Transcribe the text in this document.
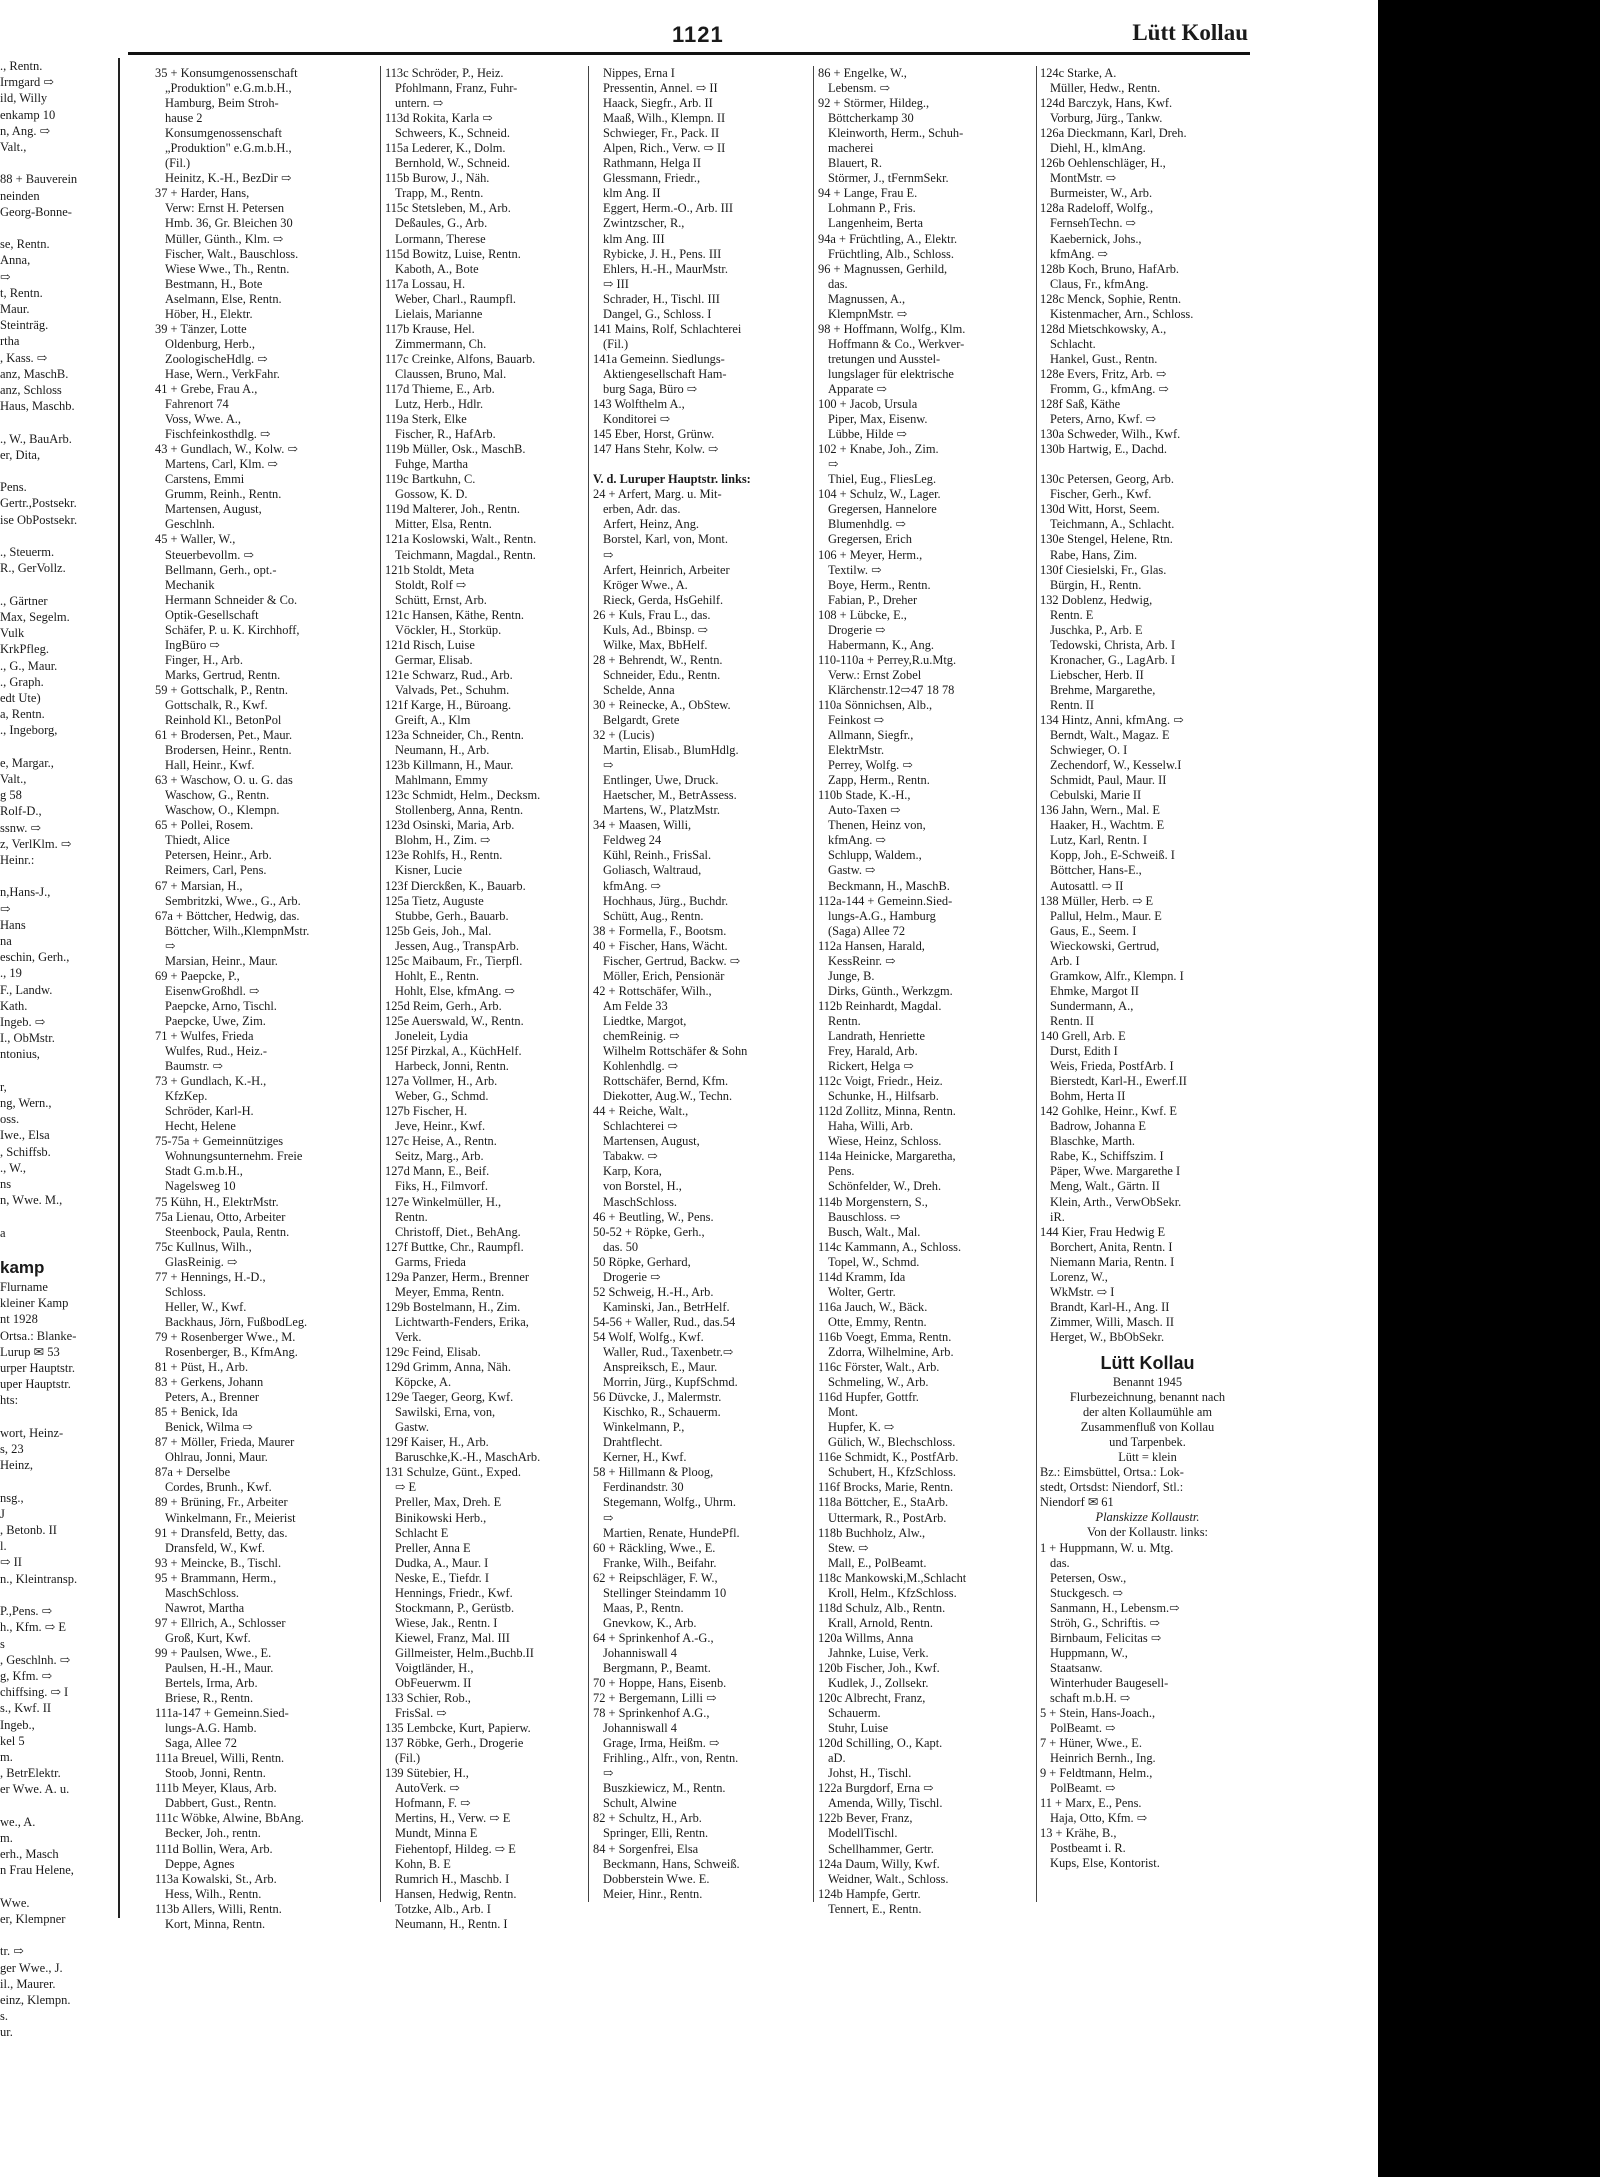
., Rentn.
Irmgard ⇨
ild, Willy
enkamp 10
n, Ang. ⇨
Valt.,

88 + Bauverein
neinden
Georg-Bonne-

se, Rentn.
Anna,
⇨
t, Rentn.
Maur.
Steinträg.
rtha
, Kass. ⇨
anz, MaschB.
anz, Schloss
Haus, Maschb.

., W., BauArb.
er, Dita,

Pens.
Gertr.,Postsekr.
ise ObPostsekr.

., Steuerm.
R., GerVollz.

., Gärtner
Max, Segelm.
Vulk
KrkPfleg.
., G., Maur.
., Graph.
edt Ute)
a, Rentn.
., Ingeborg,

e, Margar.,
Valt.,
g 58
Rolf-D.,
ssnw. ⇨
z, VerlKlm. ⇨
Heinr.:

n,Hans-J.,
⇨
Hans
na
eschin, Gerh.,
., 19
F., Landw.
Kath.
Ingeb. ⇨
I., ObMstr.
ntonius,

r,
ng, Wern.,
oss.
Iwe., Elsa
, Schiffsb.
., W.,
ns
n, Wwe. M.,

a

kamp
Flurname
kleiner Kamp
nt 1928
Ortsa.: Blanke-
Lurup ✉ 53
urper Hauptstr.
uper Hauptstr.
hts:

wort, Heinz-
s, 23
Heinz,

nsg.,
J
, Betonb. II
l.
⇨ II
n., Kleintransp.

P.,Pens. ⇨
h., Kfm. ⇨ E
s
, Geschlnh. ⇨
g, Kfm. ⇨
chiffsing. ⇨ I
s., Kwf. II
Ingeb.,
kel 5
m.
, BetrElektr.
er Wwe. A. u.

we., A.
m.
erh., Masch
n Frau Helene,

Wwe.
er, Klempner

tr. ⇨
ger Wwe., J.
il., Maurer.
einz, Klempn.
s.
ur.
1121	Lütt Kollau
35 + Konsumgenossenschaft
„Produktion" e.G.m.b.H.,
Hamburg, Beim Stroh-
hause 2
Konsumgenossenschaft
„Produktion" e.G.m.b.H.,
(Fil.)
Heinitz, K.-H., BezDir ⇨
37 + Harder, Hans,
Verw: Ernst H. Petersen
Hmb. 36, Gr. Bleichen 30
Müller, Günth., Klm. ⇨
Fischer, Walt., Bauschloss.
Wiese Wwe., Th., Rentn.
Bestmann, H., Bote
Aselmann, Else, Rentn.
Höber, H., Elektr.
39 + Tänzer, Lotte
Oldenburg, Herb.,
ZoologischeHdlg. ⇨
Hase, Wern., VerkFahr.
41 + Grebe, Frau A.,
Fahrenort 74
Voss, Wwe. A.,
Fischfeinkosthdlg. ⇨
43 + Gundlach, W., Kolw. ⇨
Martens, Carl, Klm. ⇨
Carstens, Emmi
Grumm, Reinh., Rentn.
Martensen, August,
Geschlnh.
45 + Waller, W.,
Steuerbevollm. ⇨
Bellmann, Gerh., opt.-
Mechanik
Hermann Schneider & Co.
Optik-Gesellschaft
Schäfer, P. u. K. Kirchhoff,
IngBüro ⇨
Finger, H., Arb.
Marks, Gertrud, Rentn.
59 + Gottschalk, P., Rentn.
Gottschalk, R., Kwf.
Reinhold Kl., BetonPol
61 + Brodersen, Pet., Maur.
Brodersen, Heinr., Rentn.
Hall, Heinr., Kwf.
63 + Waschow, O. u. G. das
Waschow, G., Rentn.
Waschow, O., Klempn.
65 + Pollei, Rosem.
Thiedt, Alice
Petersen, Heinr., Arb.
Reimers, Carl, Pens.
67 + Marsian, H.,
Sembritzki, Wwe., G., Arb.
67a + Böttcher, Hedwig, das.
Böttcher, Wilh.,KlempnMstr.
⇨
Marsian, Heinr., Maur.
69 + Paepcke, P.,
EisenwGroßhdl. ⇨
Paepcke, Arno, Tischl.
Paepcke, Uwe, Zim.
71 + Wulfes, Frieda
Wulfes, Rud., Heiz.-
Baumstr. ⇨
73 + Gundlach, K.-H.,
KfzKep.
Schröder, Karl-H.
Hecht, Helene
75-75a + Gemeinnütziges
Wohnungsunternehm. Freie
Stadt G.m.b.H.,
Nagelsweg 10
75 Kühn, H., ElektrMstr.
75a Lienau, Otto, Arbeiter
Steenbock, Paula, Rentn.
75c Kullnus, Wilh.,
GlasReinig. ⇨
77 + Hennings, H.-D.,
Schloss.
Heller, W., Kwf.
Backhaus, Jörn, FußbodLeg.
79 + Rosenberger Wwe., M.
Rosenberger, B., KfmAng.
81 + Püst, H., Arb.
83 + Gerkens, Johann
Peters, A., Brenner
85 + Benick, Ida
Benick, Wilma ⇨
87 + Möller, Frieda, Maurer
Ohlrau, Jonni, Maur.
87a + Derselbe
Cordes, Brunh., Kwf.
89 + Brüning, Fr., Arbeiter
Winkelmann, Fr., Meierist
91 + Dransfeld, Betty, das.
Dransfeld, W., Kwf.
93 + Meincke, B., Tischl.
95 + Brammann, Herm.,
MaschSchloss.
Nawrot, Martha
97 + Ellrich, A., Schlosser
Groß, Kurt, Kwf.
99 + Paulsen, Wwe., E.
Paulsen, H.-H., Maur.
Bertels, Irma, Arb.
Briese, R., Rentn.
111a-147 + Gemeinn.Sied-
lungs-A.G. Hamb.
Saga, Allee 72
111a Breuel, Willi, Rentn.
Stoob, Jonni, Rentn.
111b Meyer, Klaus, Arb.
Dabbert, Gust., Rentn.
111c Wöbke, Alwine, BbAng.
Becker, Joh., rentn.
111d Bollin, Wera, Arb.
Deppe, Agnes
113a Kowalski, St., Arb.
Hess, Wilh., Rentn.
113b Allers, Willi, Rentn.
Kort, Minna, Rentn.
113c Schröder, P., Heiz.
Pfohlmann, Franz, Fuhr-
untern. ⇨
113d Rokita, Karla ⇨
Schweers, K., Schneid.
115a Lederer, K., Dolm.
Bernhold, W., Schneid.
115b Burow, J., Näh.
Trapp, M., Rentn.
115c Stetsleben, M., Arb.
Deßaules, G., Arb.
Lormann, Therese
115d Bowitz, Luise, Rentn.
Kaboth, A., Bote
117a Lossau, H.
Weber, Charl., Raumpfl.
Lielais, Marianne
117b Krause, Hel.
Zimmermann, Ch.
117c Creinke, Alfons, Bauarb.
Claussen, Bruno, Mal.
117d Thieme, E., Arb.
Lutz, Herb., Hdlr.
119a Sterk, Elke
Fischer, R., HafArb.
119b Müller, Osk., MaschB.
Fuhge, Martha
119c Bartkuhn, C.
Gossow, K. D.
119d Malterer, Joh., Rentn.
Mitter, Elsa, Rentn.
121a Koslowski, Walt., Rentn.
Teichmann, Magdal., Rentn.
121b Stoldt, Meta
Stoldt, Rolf ⇨
Schütt, Ernst, Arb.
121c Hansen, Käthe, Rentn.
Vöckler, H., Storküp.
121d Risch, Luise
Germar, Elisab.
121e Schwarz, Rud., Arb.
Valvads, Pet., Schuhm.
121f Karge, H., Büroang.
Greift, A., Klm
123a Schneider, Ch., Rentn.
Neumann, H., Arb.
123b Killmann, H., Maur.
Mahlmann, Emmy
123c Schmidt, Helm., Decksm.
Stollenberg, Anna, Rentn.
123d Osinski, Maria, Arb.
Blohm, H., Zim. ⇨
123e Rohlfs, H., Rentn.
Kisner, Lucie
123f Dierckßen, K., Bauarb.
125a Tietz, Auguste
Stubbe, Gerh., Bauarb.
125b Geis, Joh., Mal.
Jessen, Aug., TranspArb.
125c Maibaum, Fr., Tierpfl.
Hohlt, E., Rentn.
Hohlt, Else, kfmAng. ⇨
125d Reim, Gerh., Arb.
125e Auerswald, W., Rentn.
Joneleit, Lydia
125f Pirzkal, A., KüchHelf.
Harbeck, Jonni, Rentn.
127a Vollmer, H., Arb.
Weber, G., Schmd.
127b Fischer, H.
Jeve, Heinr., Kwf.
127c Heise, A., Rentn.
Seitz, Marg., Arb.
127d Mann, E., Beif.
Fiks, H., Filmvorf.
127e Winkelmüller, H.,
Rentn.
Christoff, Diet., BehAng.
127f Buttke, Chr., Raumpfl.
Garms, Frieda
129a Panzer, Herm., Brenner
Meyer, Emma, Rentn.
129b Bostelmann, H., Zim.
Lichtwarth-Fenders, Erika,
Verk.
129c Feind, Elisab.
129d Grimm, Anna, Näh.
Köpcke, A.
129e Taeger, Georg, Kwf.
Sawilski, Erna, von,
Gastw.
129f Kaiser, H., Arb.
Baruschke,K.-H., MaschArb.
131 Schulze, Günt., Exped.
⇨ E
Preller, Max, Dreh. E
Binikowski Herb.,
Schlacht E
Preller, Anna E
Dudka, A., Maur. I
Neske, E., Tiefdr. I
Hennings, Friedr., Kwf.
Stockmann, P., Gerüstb.
Wiese, Jak., Rentn. I
Kiewel, Franz, Mal. III
Gillmeister, Helm.,Buchb.II
Voigtländer, H.,
ObFeuerwm. II
133 Schier, Rob.,
FrisSal. ⇨
135 Lembcke, Kurt, Papierw.
137 Röbke, Gerh., Drogerie
(Fil.)
139 Sütebier, H.,
AutoVerk. ⇨
Hofmann, F. ⇨
Mertins, H., Verw. ⇨ E
Mundt, Minna E
Fiehentopf, Hildeg. ⇨ E
Kohn, B. E
Rumrich H., Maschb. I
Hansen, Hedwig, Rentn.
Totzke, Alb., Arb. I
Neumann, H., Rentn. I
Nippes, Erna I
Pressentin, Annel. ⇨ II
Haack, Siegfr., Arb. II
Maaß, Wilh., Klempn. II
Schwieger, Fr., Pack. II
Alpen, Rich., Verw. ⇨ II
Rathmann, Helga II
Glessmann, Friedr.,
klm Ang. II
Eggert, Herm.-O., Arb. III
Zwintzscher, R.,
klm Ang. III
Rybicke, J. H., Pens. III
Ehlers, H.-H., MaurMstr.
⇨ III
Schrader, H., Tischl. III
Dangel, G., Schloss. I
141 Mains, Rolf, Schlachterei
(Fil.)
141a Gemeinn. Siedlungs-
Aktiengesellschaft Ham-
burg Saga, Büro ⇨
143 Wolfthelm A.,
Konditorei ⇨
145 Eber, Horst, Grünw.
147 Hans Stehr, Kolw. ⇨

V. d. Luruper Hauptstr. links:
24 + Arfert, Marg. u. Mit-
erben, Adr. das.
Arfert, Heinz, Ang.
Borstel, Karl, von, Mont.
⇨
Arfert, Heinrich, Arbeiter
Kröger Wwe., A.
Rieck, Gerda, HsGehilf.
26 + Kuls, Frau L., das.
Kuls, Ad., Bbinsp. ⇨
Wilke, Max, BbHelf.
28 + Behrendt, W., Rentn.
Schneider, Edu., Rentn.
Schelde, Anna
30 + Reinecke, A., ObStew.
Belgardt, Grete
32 + (Lucis)
Martin, Elisab., BlumHdlg.
⇨
Entlinger, Uwe, Druck.
Haetscher, M., BetrAssess.
Martens, W., PlatzMstr.
34 + Maasen, Willi,
Feldweg 24
Kühl, Reinh., FrisSal.
Goliasch, Waltraud,
kfmAng. ⇨
Hochhaus, Jürg., Buchdr.
Schütt, Aug., Rentn.
38 + Formella, F., Bootsm.
40 + Fischer, Hans, Wächt.
Fischer, Gertrud, Backw. ⇨
Möller, Erich, Pensionär
42 + Rottschäfer, Wilh.,
Am Felde 33
Liedtke, Margot,
chemReinig. ⇨
Wilhelm Rottschäfer & Sohn
Kohlenhdlg. ⇨
Rottschäfer, Bernd, Kfm.
Diekotter, Aug.W., Techn.
44 + Reiche, Walt.,
Schlachterei ⇨
Martensen, August,
Tabakw. ⇨
Karp, Kora,
von Borstel, H.,
MaschSchloss.
46 + Beutling, W., Pens.
50-52 + Röpke, Gerh.,
das. 50
50 Röpke, Gerhard,
Drogerie ⇨
52 Schweig, H.-H., Arb.
Kaminski, Jan., BetrHelf.
54-56 + Waller, Rud., das.54
54 Wolf, Wolfg., Kwf.
Waller, Rud., Taxenbetr.⇨
Anspreiksch, E., Maur.
Morrin, Jürg., KupfSchmd.
56 Düvcke, J., Malermstr.
Kischko, R., Schauerm.
Winkelmann, P.,
Drahtflecht.
Kerner, H., Kwf.
58 + Hillmann & Ploog,
Ferdinandstr. 30
Stegemann, Wolfg., Uhrm.
⇨
Martien, Renate, HundePfl.
60 + Räckling, Wwe., E.
Franke, Wilh., Beifahr.
62 + Reipschläger, F. W.,
Stellinger Steindamm 10
Maas, P., Rentn.
Gnevkow, K., Arb.
64 + Sprinkenhof A.-G.,
Johanniswall 4
Bergmann, P., Beamt.
70 + Hoppe, Hans, Eisenb.
72 + Bergemann, Lilli ⇨
78 + Sprinkenhof A.G.,
Johanniswall 4
Grage, Irma, Heißm. ⇨
Frihling., Alfr., von, Rentn.
⇨
Buszkiewicz, M., Rentn.
Schult, Alwine
82 + Schultz, H., Arb.
Springer, Elli, Rentn.
84 + Sorgenfrei, Elsa
Beckmann, Hans, Schweiß.
Dobberstein Wwe. E.
Meier, Hinr., Rentn.
86 + Engelke, W.,
Lebensm. ⇨
92 + Störmer, Hildeg.,
Böttcherkamp 30
Kleinworth, Herm., Schuh-
macherei
Blauert, R.
Störmer, J., tFernmSekr.
94 + Lange, Frau E.
Lohmann P., Fris.
Langenheim, Berta
94a + Früchtling, A., Elektr.
Früchtling, Alb., Schloss.
96 + Magnussen, Gerhild,
das.
Magnussen, A.,
KlempnMstr. ⇨
98 + Hoffmann, Wolfg., Klm.
Hoffmann & Co., Werkver-
tretungen und Ausstel-
lungslager für elektrische
Apparate ⇨
100 + Jacob, Ursula
Piper, Max, Eisenw.
Lübbe, Hilde ⇨
102 + Knabe, Joh., Zim.
⇨
Thiel, Eug., FliesLeg.
104 + Schulz, W., Lager.
Gregersen, Hannelore
Blumenhdlg. ⇨
Gregersen, Erich
106 + Meyer, Herm.,
Textilw. ⇨
Boye, Herm., Rentn.
Fabian, P., Dreher
108 + Lübcke, E.,
Drogerie ⇨
Habermann, K., Ang.
110-110a + Perrey,R.u.Mtg.
Verw.: Ernst Zobel
Klärchenstr.12⇨47 18 78
110a Sönnichsen, Alb.,
Feinkost ⇨
Allmann, Siegfr.,
ElektrMstr.
Perrey, Wolfg. ⇨
Zapp, Herm., Rentn.
110b Stade, K.-H.,
Auto-Taxen ⇨
Thenen, Heinz von,
kfmAng. ⇨
Schlupp, Waldem.,
Gastw. ⇨
Beckmann, H., MaschB.
112a-144 + Gemeinn.Sied-
lungs-A.G., Hamburg
(Saga) Allee 72
112a Hansen, Harald,
KessReinr. ⇨
Junge, B.
Dirks, Günth., Werkzgm.
112b Reinhardt, Magdal.
Rentn.
Landrath, Henriette
Frey, Harald, Arb.
Rickert, Helga ⇨
112c Voigt, Friedr., Heiz.
Schunke, H., Hilfsarb.
112d Zollitz, Minna, Rentn.
Haha, Willi, Arb.
Wiese, Heinz, Schloss.
114a Heinicke, Margaretha,
Pens.
Schönfelder, W., Dreh.
114b Morgenstern, S.,
Bauschloss. ⇨
Busch, Walt., Mal.
114c Kammann, A., Schloss.
Topel, W., Schmd.
114d Kramm, Ida
Wolter, Gertr.
116a Jauch, W., Bäck.
Otte, Emmy, Rentn.
116b Voegt, Emma, Rentn.
Zdorra, Wilhelmine, Arb.
116c Förster, Walt., Arb.
Schmeling, W., Arb.
116d Hupfer, Gottfr.
Mont.
Hupfer, K. ⇨
Gülich, W., Blechschloss.
116e Schmidt, K., PostfArb.
Schubert, H., KfzSchloss.
116f Brocks, Marie, Rentn.
118a Böttcher, E., StaArb.
Uttermark, R., PostArb.
118b Buchholz, Alw.,
Stew. ⇨
Mall, E., PolBeamt.
118c Mankowski,M.,Schlacht
Kroll, Helm., KfzSchloss.
118d Schulz, Alb., Rentn.
Krall, Arnold, Rentn.
120a Willms, Anna
Jahnke, Luise, Verk.
120b Fischer, Joh., Kwf.
Kudlek, J., Zollsekr.
120c Albrecht, Franz,
Schauerm.
Stuhr, Luise
120d Schilling, O., Kapt.
aD.
Johst, H., Tischl.
122a Burgdorf, Erna ⇨
Amenda, Willy, Tischl.
122b Bever, Franz,
ModellTischl.
Schellhammer, Gertr.
124a Daum, Willy, Kwf.
Weidner, Walt., Schloss.
124b Hampfe, Gertr.
Tennert, E., Rentn.
124c Starke, A.
Müller, Hedw., Rentn.
124d Barczyk, Hans, Kwf.
Vorburg, Jürg., Tankw.
126a Dieckmann, Karl, Dreh.
Diehl, H., klmAng.
126b Oehlenschläger, H.,
MontMstr. ⇨
Burmeister, W., Arb.
128a Radeloff, Wolfg.,
FernsehTechn. ⇨
Kaebernick, Johs.,
kfmAng. ⇨
128b Koch, Bruno, HafArb.
Claus, Fr., kfmAng.
128c Menck, Sophie, Rentn.
Kistenmacher, Arn., Schloss.
128d Mietschkowsky, A.,
Schlacht.
Hankel, Gust., Rentn.
128e Evers, Fritz, Arb. ⇨
Fromm, G., kfmAng. ⇨
128f Saß, Käthe
Peters, Arno, Kwf. ⇨
130a Schweder, Wilh., Kwf.
130b Hartwig, E., Dachd.

130c Petersen, Georg, Arb.
Fischer, Gerh., Kwf.
130d Witt, Horst, Seem.
Teichmann, A., Schlacht.
130e Stengel, Helene, Rtn.
Rabe, Hans, Zim.
130f Ciesielski, Fr., Glas.
Bürgin, H., Rentn.
132 Doblenz, Hedwig,
Rentn. E
Juschka, P., Arb. E
Tedowski, Christa, Arb. I
Kronacher, G., LagArb. I
Liebscher, Herb. II
Brehme, Margarethe,
Rentn. II
134 Hintz, Anni, kfmAng. ⇨
Berndt, Walt., Magaz. E
Schwieger, O. I
Zechendorf, W., Kesselw.I
Schmidt, Paul, Maur. II
Cebulski, Marie II
136 Jahn, Wern., Mal. E
Haaker, H., Wachtm. E
Lutz, Karl, Rentn. I
Kopp, Joh., E-Schweiß. I
Böttcher, Hans-E.,
Autosattl. ⇨ II
138 Müller, Herb. ⇨ E
Pallul, Helm., Maur. E
Gaus, E., Seem. I
Wieckowski, Gertrud,
Arb. I
Gramkow, Alfr., Klempn. I
Ehmke, Margot II
Sundermann, A.,
Rentn. II
140 Grell, Arb. E
Durst, Edith I
Weis, Frieda, PostfArb. I
Bierstedt, Karl-H., Ewerf.II
Bohm, Herta II
142 Gohlke, Heinr., Kwf. E
Badrow, Johanna E
Blaschke, Marth.
Rabe, K., Schiffszim. I
Päper, Wwe. Margarethe I
Meng, Walt., Gärtn. II
Klein, Arth., VerwObSekr.
iR.
144 Kier, Frau Hedwig E
Borchert, Anita, Rentn. I
Niemann Maria, Rentn. I
Lorenz, W.,
WkMstr. ⇨ I
Brandt, Karl-H., Ang. II
Zimmer, Willi, Masch. II
Herget, W., BbObSekr.
Lütt Kollau
Benannt 1945
Flurbezeichnung, benannt nach
der alten Kollaumühle am
Zusammenfluß von Kollau
und Tarpenbek.
Lütt = klein
Bz.: Eimsbüttel, Ortsa.: Lok-
stedt, Ortsdst: Niendorf, Stl.:
Niendorf ✉ 61
Planskizze Kollaustr.
Von der Kollaustr. links:
1 + Huppmann, W. u. Mtg.
das.
Petersen, Osw.,
Stuckgesch. ⇨
Sanmann, H., Lebensm.⇨
Ströh, G., Schriftis. ⇨
Birnbaum, Felicitas ⇨
Huppmann, W.,
Staatsanw.
Winterhuder Baugesell-
schaft m.b.H. ⇨
5 + Stein, Hans-Joach.,
PolBeamt. ⇨
7 + Hüner, Wwe., E.
Heinrich Bernh., Ing.
9 + Feldtmann, Helm.,
PolBeamt. ⇨
11 + Marx, E., Pens.
Haja, Otto, Kfm. ⇨
13 + Krähe, B.,
Postbeamt i. R.
Kups, Else, Kontorist.
